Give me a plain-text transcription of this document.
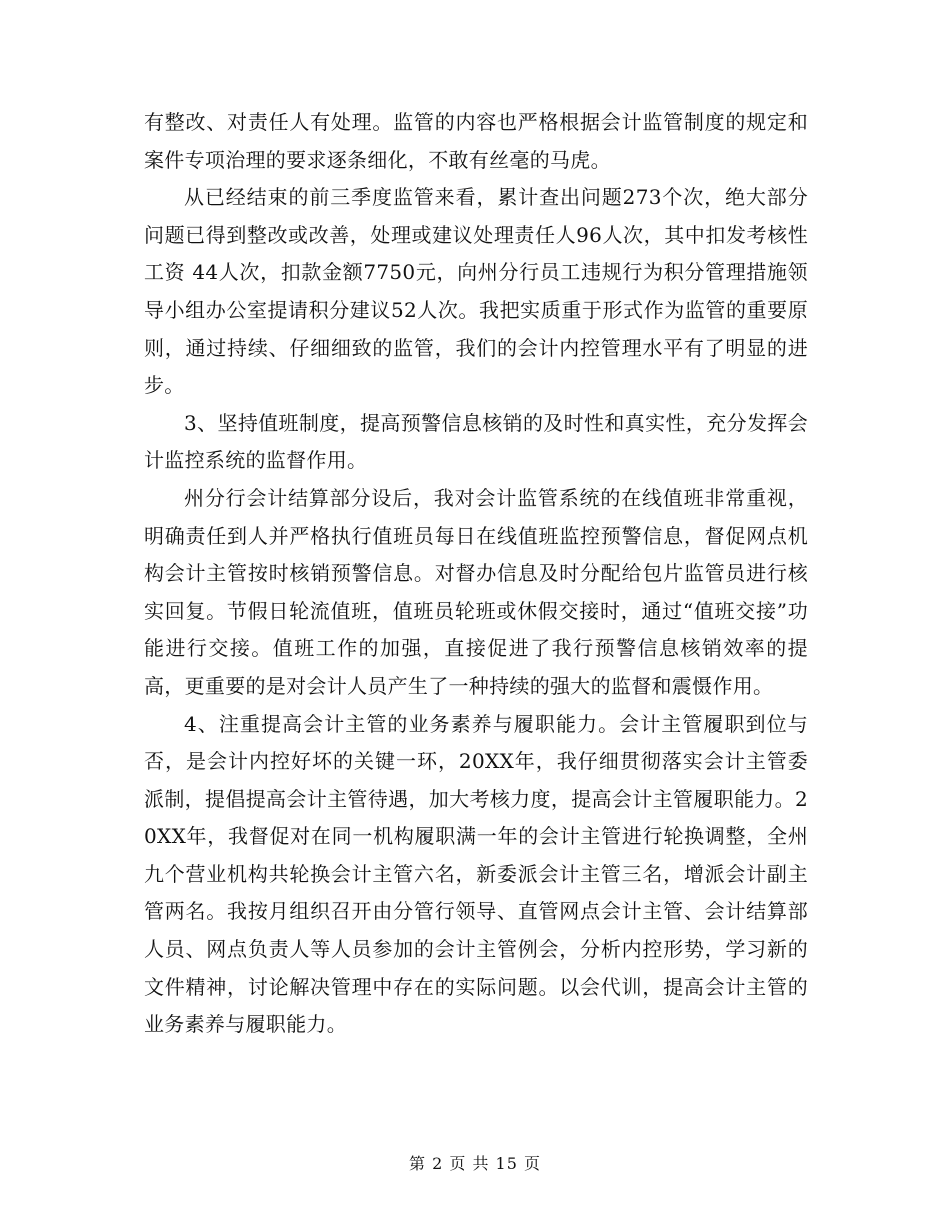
有整改、对责任人有处理。监管的内容也严格根据会计监管制度的规定和案件专项治理的要求逐条细化，不敢有丝毫的马虎。

从已经结束的前三季度监管来看，累计查出问题273个次，绝大部分问题已得到整改或改善，处理或建议处理责任人96人次，其中扣发考核性工资 44人次，扣款金额7750元，向州分行员工违规行为积分管理措施领导小组办公室提请积分建议52人次。我把实质重于形式作为监管的重要原则，通过持续、仔细细致的监管，我们的会计内控管理水平有了明显的进步。

3、坚持值班制度，提高预警信息核销的及时性和真实性，充分发挥会计监控系统的监督作用。

州分行会计结算部分设后，我对会计监管系统的在线值班非常重视，明确责任到人并严格执行值班员每日在线值班监控预警信息，督促网点机构会计主管按时核销预警信息。对督办信息及时分配给包片监管员进行核实回复。节假日轮流值班，值班员轮班或休假交接时，通过“值班交接”功能进行交接。值班工作的加强，直接促进了我行预警信息核销效率的提高，更重要的是对会计人员产生了一种持续的强大的监督和震慑作用。

4、注重提高会计主管的业务素养与履职能力。会计主管履职到位与否，是会计内控好坏的关键一环，20XX年，我仔细贯彻落实会计主管委派制，提倡提高会计主管待遇，加大考核力度，提高会计主管履职能力。20XX年，我督促对在同一机构履职满一年的会计主管进行轮换调整，全州九个营业机构共轮换会计主管六名，新委派会计主管三名，增派会计副主管两名。我按月组织召开由分管行领导、直管网点会计主管、会计结算部人员、网点负责人等人员参加的会计主管例会，分析内控形势，学习新的文件精神，讨论解决管理中存在的实际问题。以会代训，提高会计主管的业务素养与履职能力。

第 2 页 共 15 页
